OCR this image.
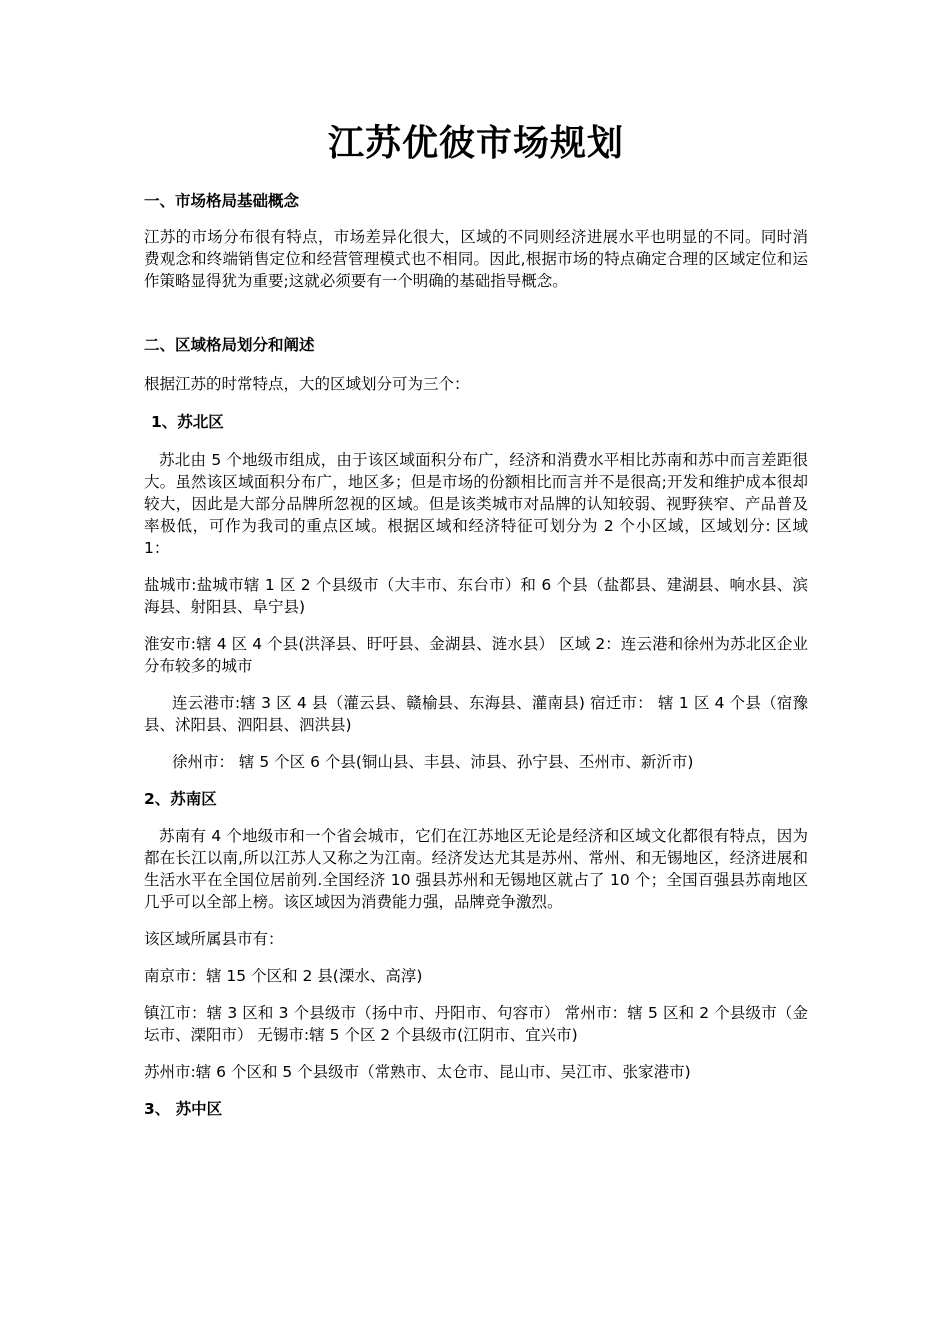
江苏优彼市场规划
一、市场格局基础概念
江苏的市场分布很有特点，市场差异化很大，区域的不同则经济进展水平也明显的不同。同时消费观念和终端销售定位和经营管理模式也不相同。因此,根据市场的特点确定合理的区域定位和运作策略显得犹为重要;这就必须要有一个明确的基础指导概念。
二、区域格局划分和阐述
根据江苏的时常特点，大的区域划分可为三个：
1、苏北区
苏北由 5 个地级市组成，由于该区域面积分布广，经济和消费水平相比苏南和苏中而言差距很大。虽然该区域面积分布广，地区多；但是市场的份额相比而言并不是很高;开发和维护成本很却较大，因此是大部分品牌所忽视的区域。但是该类城市对品牌的认知较弱、视野狭窄、产品普及率极低，可作为我司的重点区域。根据区域和经济特征可划分为 2 个小区域，区域划分: 区域 1：
盐城市:盐城市辖 1 区 2 个县级市（大丰市、东台市）和 6 个县（盐都县、建湖县、响水县、滨海县、射阳县、阜宁县)
淮安市:辖 4 区 4 个县(洪泽县、盱吁县、金湖县、涟水县） 区域 2：连云港和徐州为苏北区企业分布较多的城市
连云港市:辖 3 区 4 县（灌云县、赣榆县、东海县、灌南县) 宿迁市： 辖 1 区 4 个县（宿豫县、沭阳县、泗阳县、泗洪县)
徐州市： 辖 5 个区 6 个县(铜山县、丰县、沛县、孙宁县、丕州市、新沂市)
2、苏南区
苏南有 4 个地级市和一个省会城市，它们在江苏地区无论是经济和区域文化都很有特点，因为都在长江以南,所以江苏人又称之为江南。经济发达尤其是苏州、常州、和无锡地区，经济进展和生活水平在全国位居前列.全国经济 10 强县苏州和无锡地区就占了 10 个；全国百强县苏南地区几乎可以全部上榜。该区域因为消费能力强，品牌竞争激烈。
该区域所属县市有：
南京市：辖 15 个区和 2 县(溧水、高淳)
镇江市：辖 3 区和 3 个县级市（扬中市、丹阳市、句容市） 常州市：辖 5 区和 2 个县级市（金坛市、溧阳市） 无锡市:辖 5 个区 2 个县级市(江阴市、宜兴市)
苏州市:辖 6 个区和 5 个县级市（常熟市、太仓市、昆山市、吴江市、张家港市)
3、 苏中区
